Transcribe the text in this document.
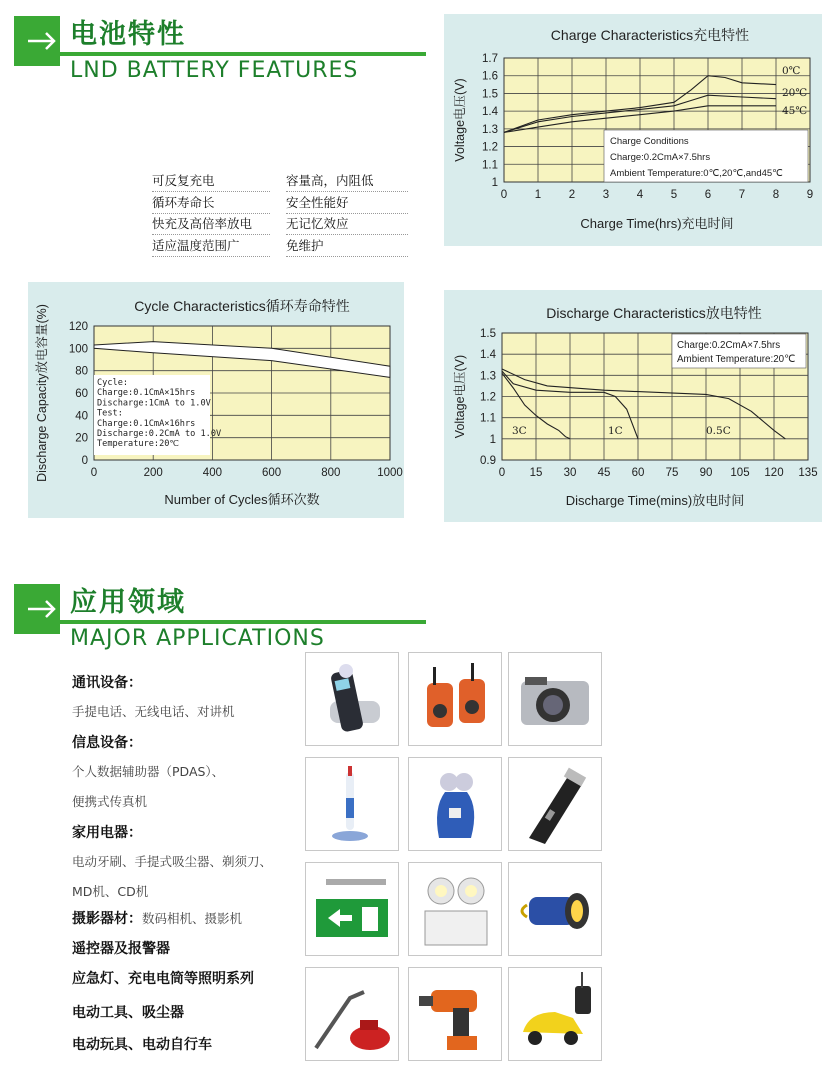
电池特性
LND BATTERY FEATURES
可反复充电	容量高，内阻低
循环寿命长	安全性能好
快充及高倍率放电	无记忆效应
适应温度范围广	免维护
Charge Characteristics充电特性
0 1 2 3 4 5 6 7 8 9
1.7
1.6
1.5
1.4
1.3
1.2
1.1
1
Charge Time(hrs)充电时间
Voltage电压(V)
0℃
20℃
45℃
Charge Conditions
Charge:0.2CmA×7.5hrs
Ambient Temperature:0℃,20℃,and45℃
Cycle Characteristics循环寿命特性
0	200	400	600	800	1000
120
100
80
60
40
20
0
Number of Cycles循环次数
Discharge Capacity放电容量(%)	Cycle:
Charge:0.1CmA×15hrs
Discharge:1CmA to 1.0V
Test:
Charge:0.1CmA×16hrs
Discharge:0.2CmA to 1.0V
Temperature:20℃
Discharge Characteristics放电特性
0 15 30 45 60 75 90 105 120 135
1.5
1.4
1.3
1.2
1.1
1
0.9
Discharge Time(mins)放电时间
Voltage电压(V)	3C	1C	0.5C
Charge:0.2CmA×7.5hrs
Ambient Temperature:20℃
应用领域
MAJOR APPLICATIONS
通讯设备：
手提电话、无线电话、对讲机
信息设备：
个人数据辅助器（PDAS）、
便携式传真机
家用电器：
电动牙刷、手提式吸尘器、剃须刀、
MD机、CD机
摄影器材：数码相机、摄影机
遥控器及报警器
应急灯、充电电筒等照明系列
电动工具、吸尘器
电动玩具、电动自行车
